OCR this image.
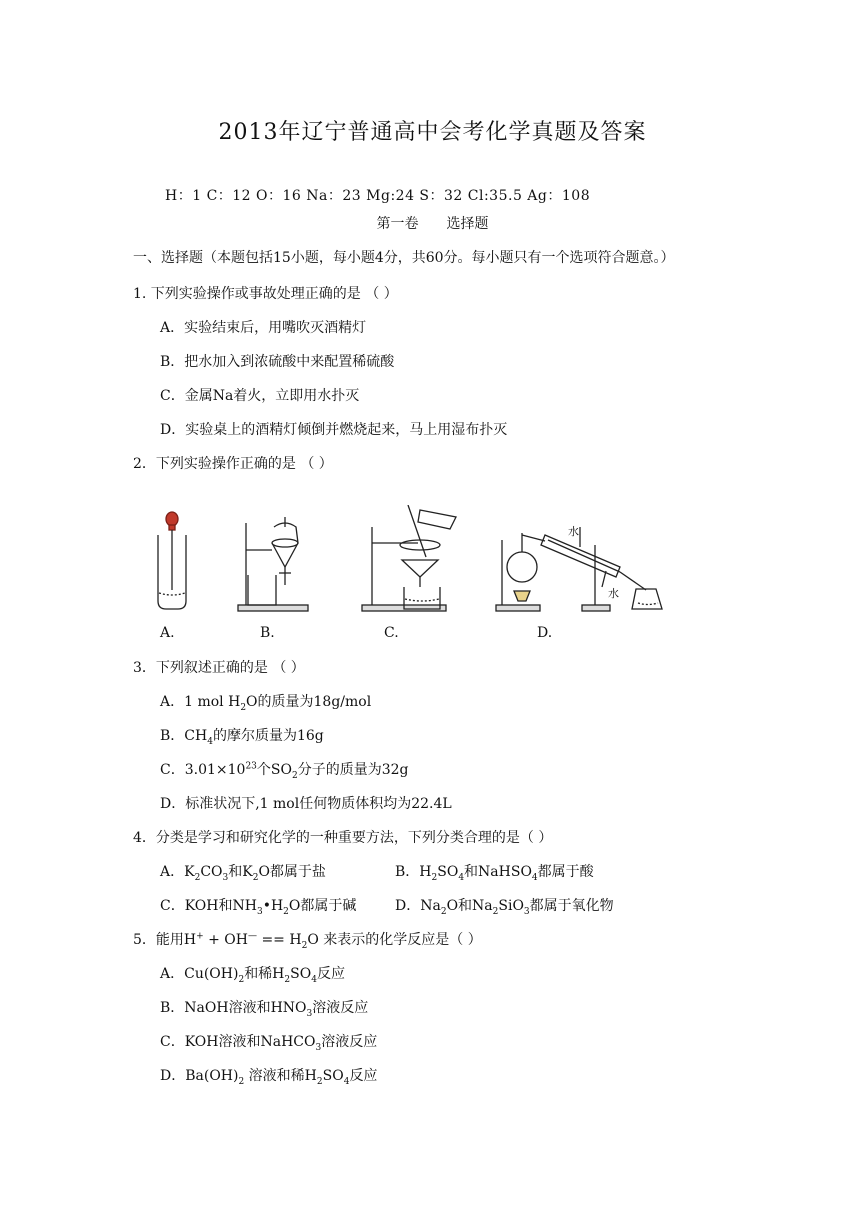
2013年辽宁普通高中会考化学真题及答案
H：1 C：12 O：16 Na：23 Mg:24 S：32 Cl:35.5 Ag：108
第一卷 选择题
一、选择题（本题包括15小题，每小题4分，共60分。每小题只有一个选项符合题意。）
1. 下列实验操作或事故处理正确的是 （ ）
A．实验结束后，用嘴吹灭酒精灯
B．把水加入到浓硫酸中来配置稀硫酸
C．金属Na着火，立即用水扑灭
D．实验桌上的酒精灯倾倒并燃烧起来，马上用湿布扑灭
2．下列实验操作正确的是 （ ）
水
水
A.	B.	C.	D.
3．下列叙述正确的是 （ ）
A．1 mol $H_2O$的质量为18g/mol
B．$CH_4$的摩尔质量为16g
C．$3.01\times 10^{23}$个$SO_2$分子的质量为32g
D．标准状况下,1 mol任何物质体积均为22.4L
4．分类是学习和研究化学的一种重要方法，下列分类合理的是（ ）
A．$K_2CO_3$和$K_2O$都属于盐	B．$H_2SO_4$和NaHSO$_4$都属于酸
C．KOH和$NH_3•H_2O$都属于碱	D．$Na_2O$和$Na_2SiO_3$都属于氧化物
5．能用$H^+ + OH^— == H_2O$ 来表示的化学反应是（ ）
A．$Cu(OH)_2$和稀$H_2SO_4$反应
B．NaOH溶液和$HNO_3$溶液反应
C．KOH溶液和NaHCO$_3$溶液反应
D．$Ba(OH)_2$ 溶液和稀$H_2SO_4$反应
